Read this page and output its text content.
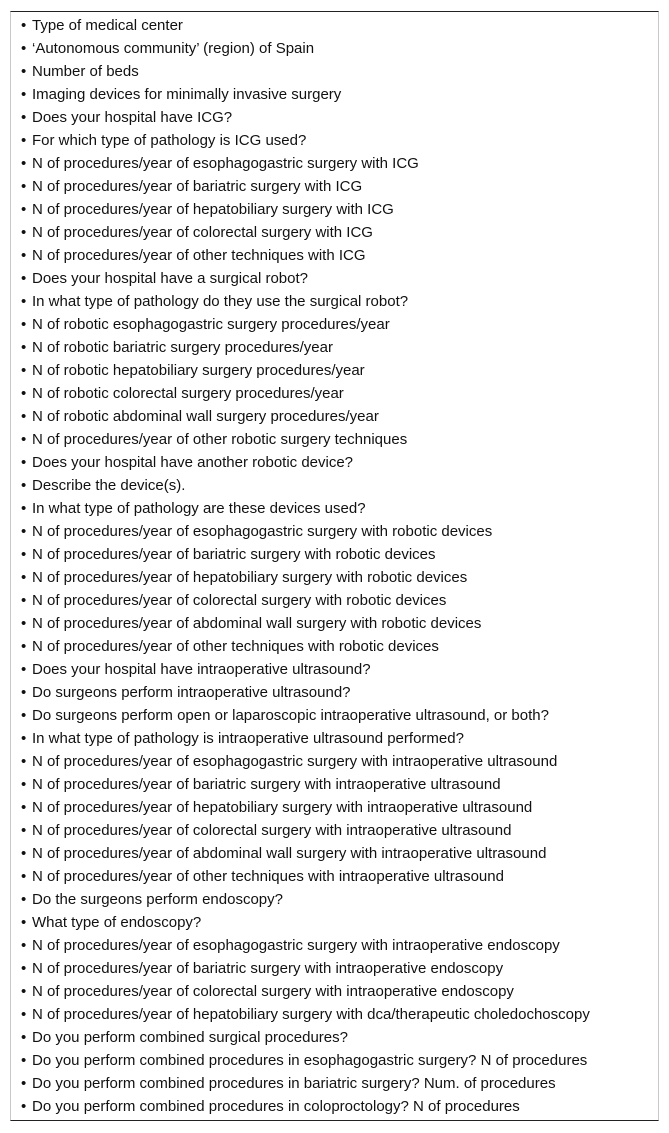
• Type of medical center
• ‘Autonomous community’ (region) of Spain
• Number of beds
• Imaging devices for minimally invasive surgery
• Does your hospital have ICG?
• For which type of pathology is ICG used?
• N of procedures/year of esophagogastric surgery with ICG
• N of procedures/year of bariatric surgery with ICG
• N of procedures/year of hepatobiliary surgery with ICG
• N of procedures/year of colorectal surgery with ICG
• N of procedures/year of other techniques with ICG
• Does your hospital have a surgical robot?
• In what type of pathology do they use the surgical robot?
• N of robotic esophagogastric surgery procedures/year
• N of robotic bariatric surgery procedures/year
• N of robotic hepatobiliary surgery procedures/year
• N of robotic colorectal surgery procedures/year
• N of robotic abdominal wall surgery procedures/year
• N of procedures/year of other robotic surgery techniques
• Does your hospital have another robotic device?
• Describe the device(s).
• In what type of pathology are these devices used?
• N of procedures/year of esophagogastric surgery with robotic devices
• N of procedures/year of bariatric surgery with robotic devices
• N of procedures/year of hepatobiliary surgery with robotic devices
• N of procedures/year of colorectal surgery with robotic devices
• N of procedures/year of abdominal wall surgery with robotic devices
• N of procedures/year of other techniques with robotic devices
• Does your hospital have intraoperative ultrasound?
• Do surgeons perform intraoperative ultrasound?
• Do surgeons perform open or laparoscopic intraoperative ultrasound, or both?
• In what type of pathology is intraoperative ultrasound performed?
• N of procedures/year of esophagogastric surgery with intraoperative ultrasound
• N of procedures/year of bariatric surgery with intraoperative ultrasound
• N of procedures/year of hepatobiliary surgery with intraoperative ultrasound
• N of procedures/year of colorectal surgery with intraoperative ultrasound
• N of procedures/year of abdominal wall surgery with intraoperative ultrasound
• N of procedures/year of other techniques with intraoperative ultrasound
• Do the surgeons perform endoscopy?
• What type of endoscopy?
• N of procedures/year of esophagogastric surgery with intraoperative endoscopy
• N of procedures/year of bariatric surgery with intraoperative endoscopy
• N of procedures/year of colorectal surgery with intraoperative endoscopy
• N of procedures/year of hepatobiliary surgery with dca/therapeutic choledochoscopy
• Do you perform combined surgical procedures?
• Do you perform combined procedures in esophagogastric surgery? N of procedures
• Do you perform combined procedures in bariatric surgery? Num. of procedures
• Do you perform combined procedures in coloproctology? N of procedures
